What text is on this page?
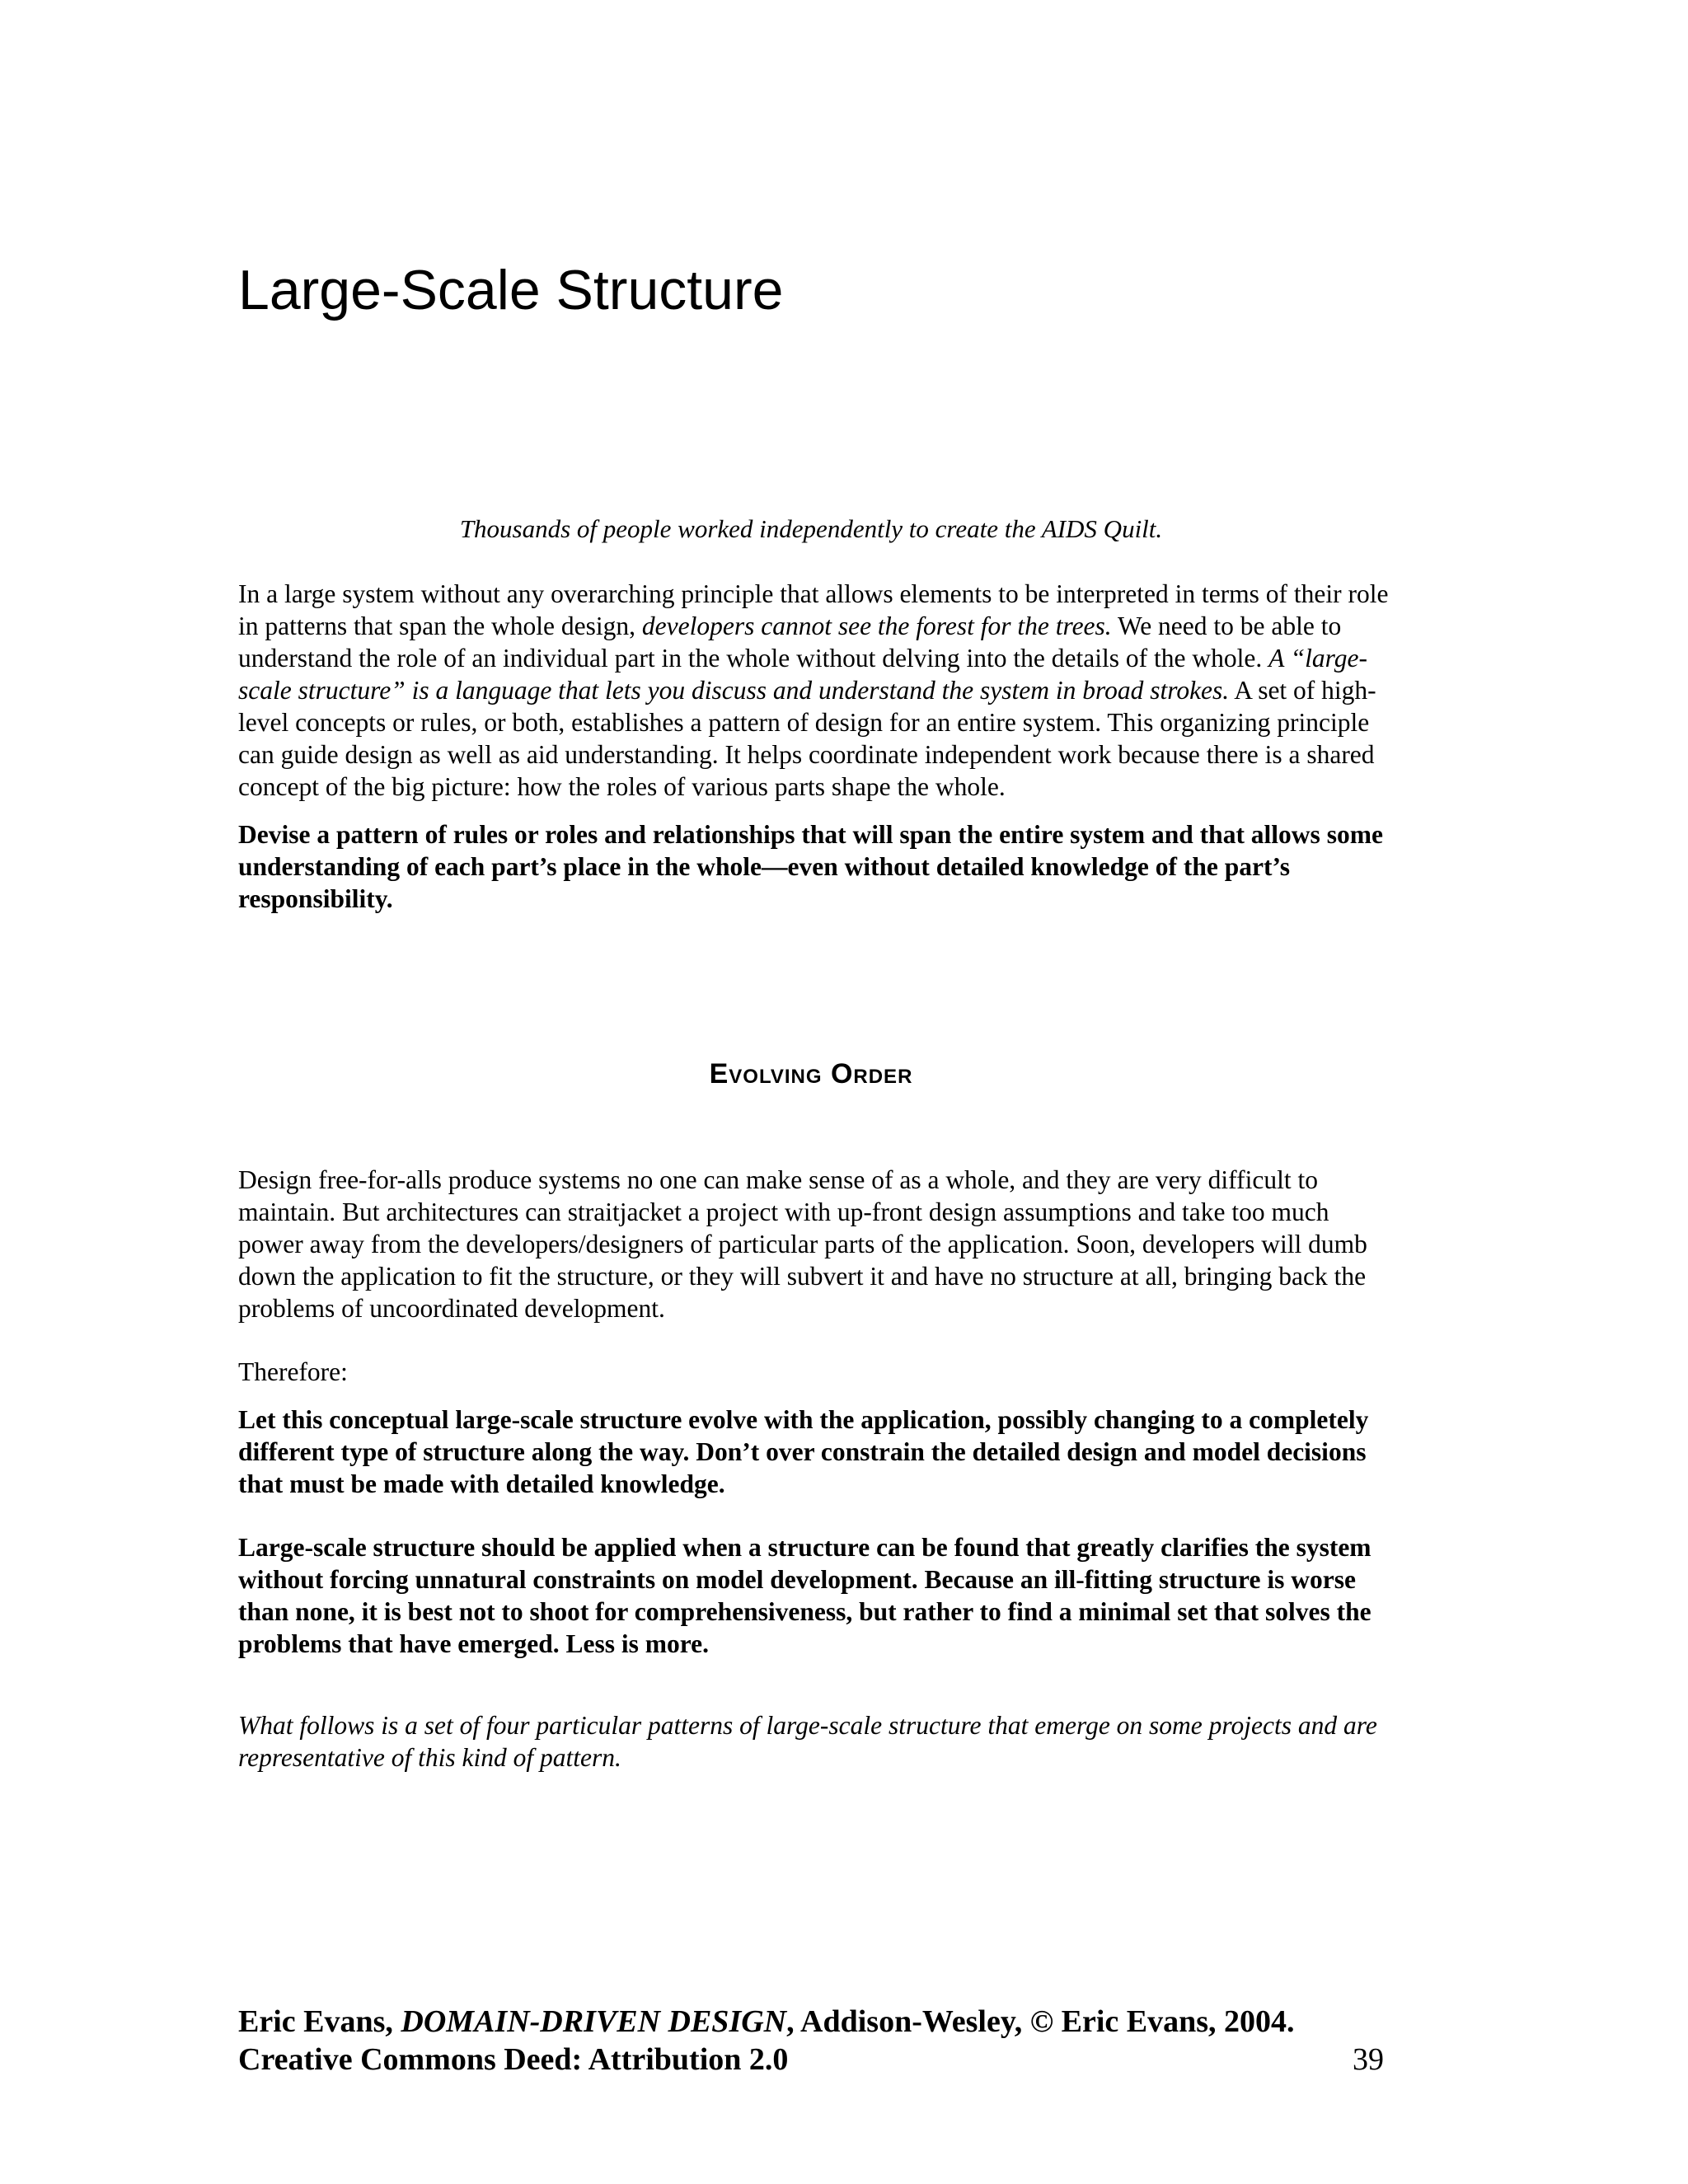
Large-Scale Structure

Thousands of people worked independently to create the AIDS Quilt.

In a large system without any overarching principle that allows elements to be interpreted in terms of their role in patterns that span the whole design, developers cannot see the forest for the trees. We need to be able to understand the role of an individual part in the whole without delving into the details of the whole. A “large-scale structure” is a language that lets you discuss and understand the system in broad strokes. A set of high-level concepts or rules, or both, establishes a pattern of design for an entire system. This organizing principle can guide design as well as aid understanding. It helps coordinate independent work because there is a shared concept of the big picture: how the roles of various parts shape the whole.

Devise a pattern of rules or roles and relationships that will span the entire system and that allows some understanding of each part’s place in the whole—even without detailed knowledge of the part’s responsibility.

Evolving Order

Design free-for-alls produce systems no one can make sense of as a whole, and they are very difficult to maintain. But architectures can straitjacket a project with up-front design assumptions and take too much power away from the developers/designers of particular parts of the application. Soon, developers will dumb down the application to fit the structure, or they will subvert it and have no structure at all, bringing back the problems of uncoordinated development.

Therefore:

Let this conceptual large-scale structure evolve with the application, possibly changing to a completely different type of structure along the way. Don’t over constrain the detailed design and model decisions that must be made with detailed knowledge.

Large-scale structure should be applied when a structure can be found that greatly clarifies the system without forcing unnatural constraints on model development. Because an ill-fitting structure is worse than none, it is best not to shoot for comprehensiveness, but rather to find a minimal set that solves the problems that have emerged. Less is more.

What follows is a set of four particular patterns of large-scale structure that emerge on some projects and are representative of this kind of pattern.

Eric Evans, DOMAIN-DRIVEN DESIGN, Addison-Wesley, © Eric Evans, 2004.

Creative Commons Deed: Attribution 2.0	39
